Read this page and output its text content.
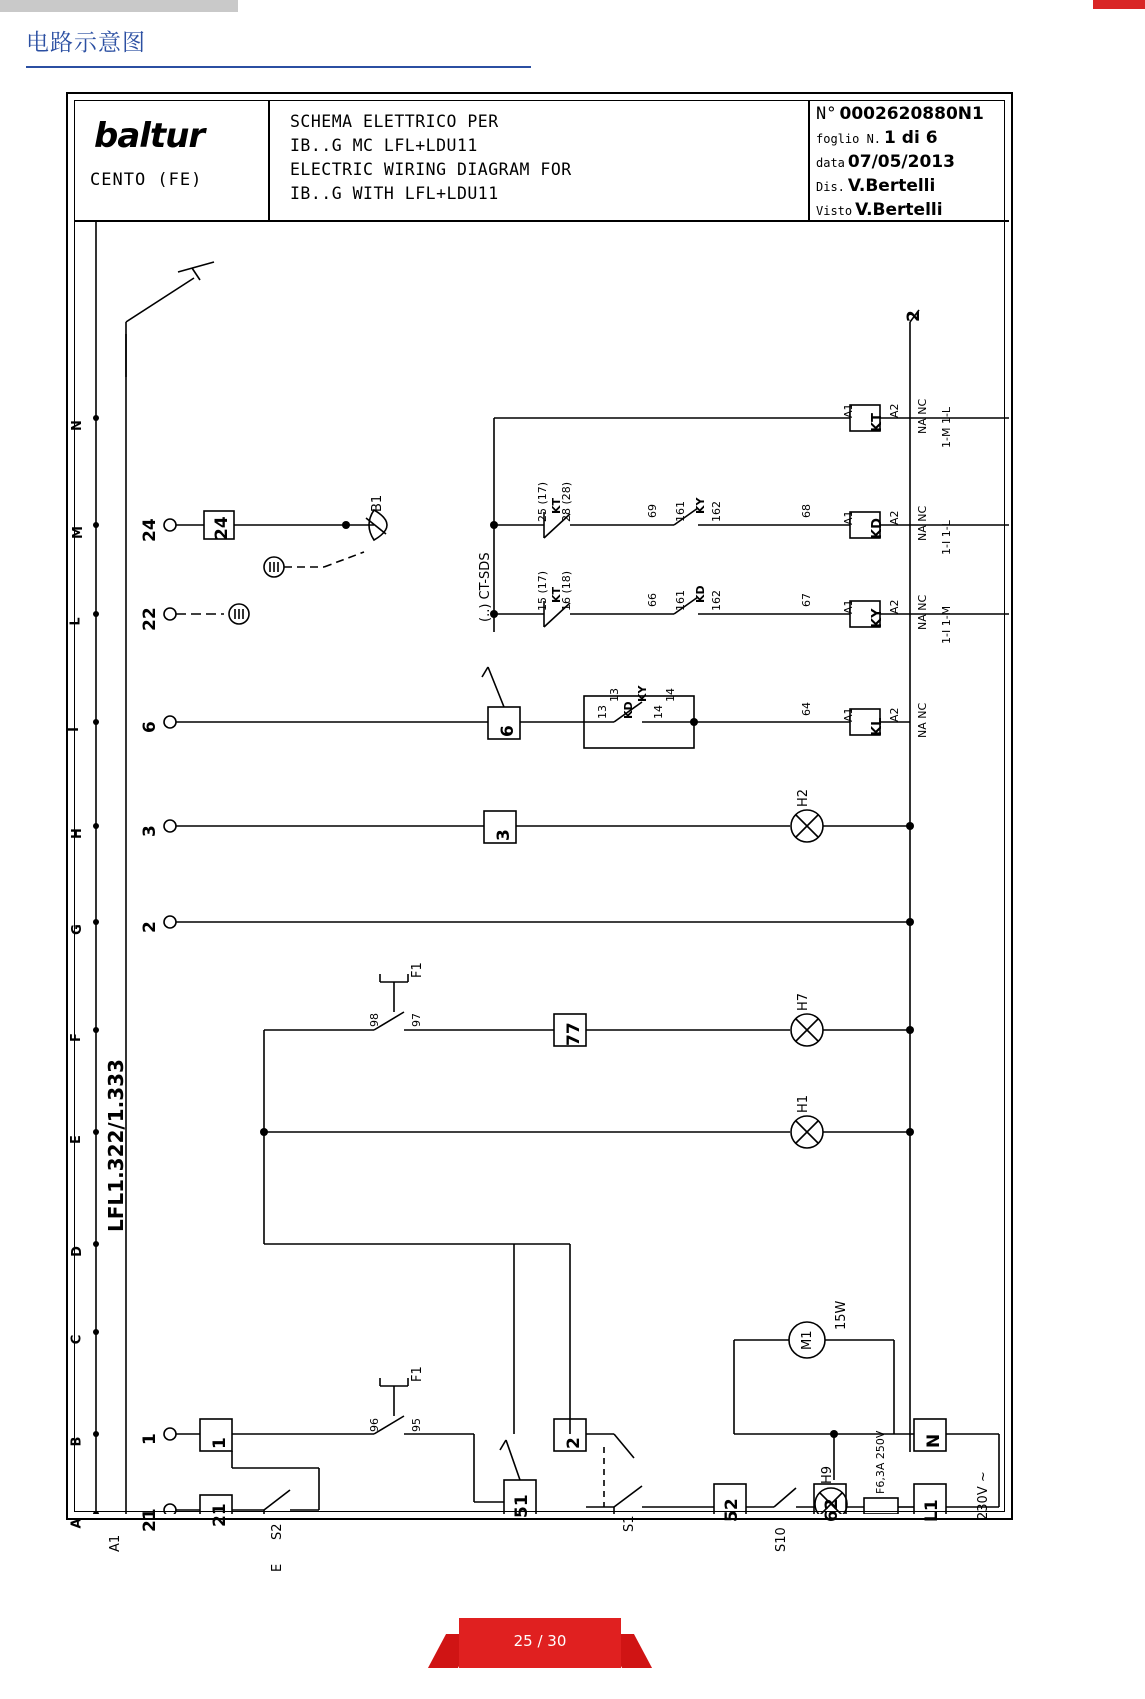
电路示意图
baltur
CENTO (FE)
SCHEMA ELETTRICO PER
IB..G MC LFL+LDU11
ELECTRIC WIRING DIAGRAM FOR
IB..G WITH LFL+LDU11
N° 0002620880N1
foglio N. 1 di 6
data 07/05/2013
Dis. V.Bertelli
Visto V.Bertelli
N
M
L
I
H
G
F
E
D
C
B
A
LFL1.322/1.333
A1
24
22
6
3
2
1
21
24
6
3
77
1	2
51	52	62
N
L1
21
B1
KT
KD
KY
KL
H2
H7
H1
H9
M1
15W
F1
F1
S1
S2	S10
E
(..) CT-SDS
A1	A2 NA NC 1-M 1-L
A1	A2 NA NC 1-I 1-L
A1	A2 NA NC 1-I 1-M
A1	A2 NA NC
25 (17) 28 (28)
KT	69 161 162
KY	68
15 (17) 16 (18)
KT	66 161 162
KD	67
13
13
14
14
KD
KY
64
98	97
96	95
F6,3A 250V
230V ~
2
25 / 30
